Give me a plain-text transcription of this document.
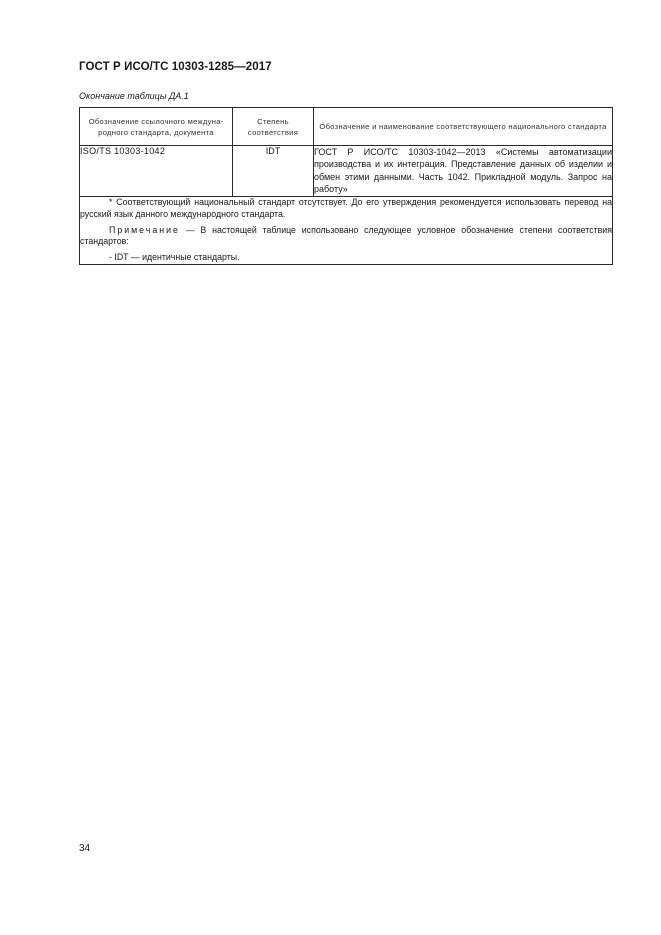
ГОСТ Р ИСО/ТС 10303-1285—2017
Окончание таблицы ДА.1
Обозначение ссылочного международного стандарта, документа	Степень соответствия	Обозначение и наименование соответствующего национального стандарта
ISO/TS 10303-1042	IDT	ГОСТ Р ИСО/ТС 10303-1042—2013 «Системы автоматизации производства и их интеграция. Представление данных об изделии и обмен этими данными. Часть 1042. Прикладной модуль. Запрос на работу»

* Соответствующий национальный стандарт отсутствует. До его утверждения рекомендуется использовать перевод на русский язык данного международного стандарта.

Примечание — В настоящей таблице использовано следующее условное обозначение степени соответствия стандартов:

- IDT — идентичные стандарты.		

34
